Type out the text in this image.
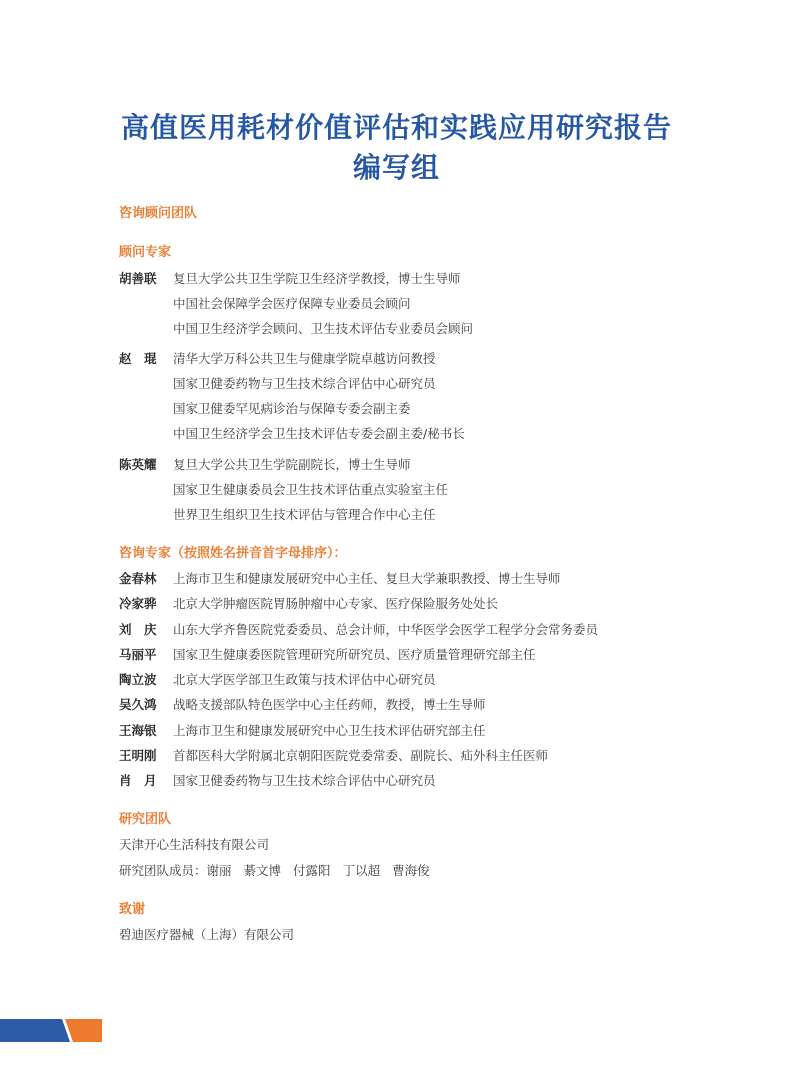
高值医用耗材价值评估和实践应用研究报告
编写组
咨询顾问团队
顾问专家
胡善联	复旦大学公共卫生学院卫生经济学教授，博士生导师
中国社会保障学会医疗保障专业委员会顾问
中国卫生经济学会顾问、卫生技术评估专业委员会顾问
赵　琨	清华大学万科公共卫生与健康学院卓越访问教授
国家卫健委药物与卫生技术综合评估中心研究员
国家卫健委罕见病诊治与保障专委会副主委
中国卫生经济学会卫生技术评估专委会副主委/秘书长
陈英耀	复旦大学公共卫生学院副院长，博士生导师
国家卫生健康委员会卫生技术评估重点实验室主任
世界卫生组织卫生技术评估与管理合作中心主任
咨询专家（按照姓名拼音首字母排序）：
金春林	上海市卫生和健康发展研究中心主任、复旦大学兼职教授、博士生导师
冷家骅	北京大学肿瘤医院胃肠肿瘤中心专家、医疗保险服务处处长
刘　庆	山东大学齐鲁医院党委委员、总会计师，中华医学会医学工程学分会常务委员
马丽平	国家卫生健康委医院管理研究所研究员、医疗质量管理研究部主任
陶立波	北京大学医学部卫生政策与技术评估中心研究员
吴久鸿	战略支援部队特色医学中心主任药师，教授，博士生导师
王海银	上海市卫生和健康发展研究中心卫生技术评估研究部主任
王明刚	首都医科大学附属北京朝阳医院党委常委、副院长、疝外科主任医师
肖　月	国家卫健委药物与卫生技术综合评估中心研究员
研究团队
天津开心生活科技有限公司
研究团队成员：谢丽 綦文博 付露阳 丁以超 曹海俊
致谢
碧迪医疗器械（上海）有限公司
